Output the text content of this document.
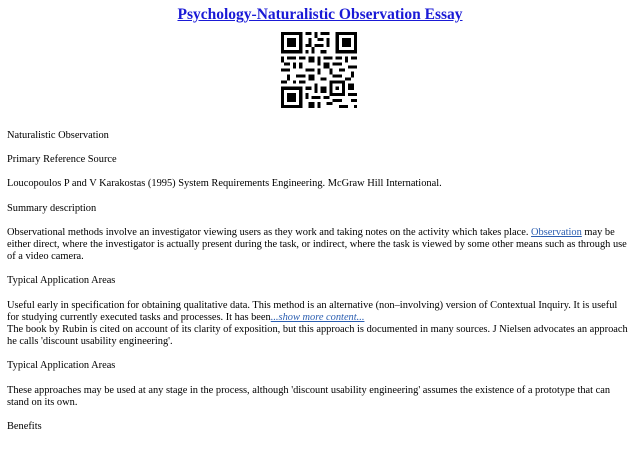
Psychology-Naturalistic Observation Essay

Naturalistic Observation

Primary Reference Source

Loucopoulos P and V Karakostas (1995) System Requirements Engineering. McGraw Hill International.

Summary description

Observational methods involve an investigator viewing users as they work and taking notes on the activity which takes place. Observation may be either direct, where the investigator is actually present during the task, or indirect, where the task is viewed by some other means such as through use of a video camera.

Typical Application Areas

Useful early in specification for obtaining qualitative data. This method is an alternative (non–involving) version of Contextual Inquiry. It is useful for studying currently executed tasks and processes. It has been...show more content...

The book by Rubin is cited on account of its clarity of exposition, but this approach is documented in many sources. J Nielsen advocates an approach he calls 'discount usability engineering'.

Typical Application Areas

These approaches may be used at any stage in the process, although 'discount usability engineering' assumes the existence of a prototype that can stand on its own.

Benefits
